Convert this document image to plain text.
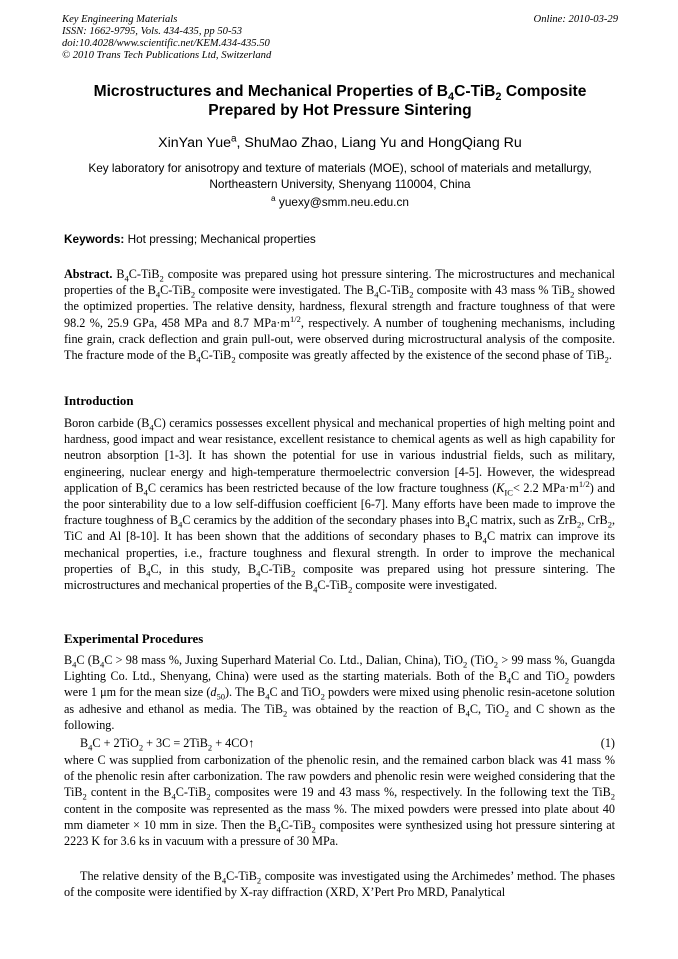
Key Engineering Materials
ISSN: 1662-9795, Vols. 434-435, pp 50-53
doi:10.4028/www.scientific.net/KEM.434-435.50
© 2010 Trans Tech Publications Ltd, Switzerland
Online: 2010-03-29
Microstructures and Mechanical Properties of $B_4C-TiB_2$ Composite
Prepared by Hot Pressure Sintering
XinYan Yue$^a$, ShuMao Zhao, Liang Yu and HongQiang Ru
Key laboratory for anisotropy and texture of materials (MOE), school of materials and metallurgy,
Northeastern University, Shenyang 110004, China
$^a$ yuexy@smm.neu.edu.cn
Keywords: Hot pressing; Mechanical properties
Abstract. $B_4C-TiB_2$ composite was prepared using hot pressure sintering. The microstructures and mechanical properties of the $B_4C-TiB_2$ composite were investigated. The $B_4C-TiB_2$ composite with 43 mass % TiB$_2$ showed the optimized properties. The relative density, hardness, flexural strength and fracture toughness of that were 98.2 %, 25.9 GPa, 458 MPa and 8.7 $MPa\cdot m^{1/2}$, respectively. A number of toughening mechanisms, including fine grain, crack deflection and grain pull-out, were observed during microstructural analysis of the composite. The fracture mode of the $B_4C-TiB_2$ composite was greatly affected by the existence of the second phase of TiB$_2$.
Introduction
Boron carbide $(B_4C)$ ceramics possesses excellent physical and mechanical properties of high melting point and hardness, good impact and wear resistance, excellent resistance to chemical agents as well as high capability for neutron absorption [1-3]. It has shown the potential for use in various industrial fields, such as military, engineering, nuclear energy and high-temperature thermoelectric conversion [4-5]. However, the widespread application of $B_4C$ ceramics has been restricted because of the low fracture toughness ($K_{IC}< 2.2$ $MPa\cdot m^{1/2}$) and the poor sinterability due to a low self-diffusion coefficient [6-7]. Many efforts have been made to improve the fracture toughness of $B_4C$ ceramics by the addition of the secondary phases into $B_4C$ matrix, such as ZrB$_2$, CrB$_2$, TiC and Al [8-10]. It has been shown that the additions of secondary phases to $B_4C$ matrix can improve its mechanical properties, i.e., fracture toughness and flexural strength. In order to improve the mechanical properties of $B_4C$, in this study, $B_4C-TiB_2$ composite was prepared using hot pressure sintering. The microstructures and mechanical properties of the $B_4C-TiB_2$ composite were investigated.
Experimental Procedures
$B_4C$ ($B_4C > 98$ mass %, Juxing Superhard Material Co. Ltd., Dalian, China), TiO$_2$ (TiO$_2$ > 99 mass %, Guangda Lighting Co. Ltd., Shenyang, China) were used as the starting materials. Both of the $B_4C$ and TiO$_2$ powders were 1 μm for the mean size $(d_{50})$. The $B_4C$ and TiO$_2$ powders were mixed using phenolic resin-acetone solution as adhesive and ethanol as media. The TiB$_2$ was obtained by the reaction of $B_4C$, TiO$_2$ and C shown as the following.
$B_4C + 2TiO_2 + 3C = 2TiB_2$ + 4CO↑	(1)
where C was supplied from carbonization of the phenolic resin, and the remained carbon black was 41 mass % of the phenolic resin after carbonization. The raw powders and phenolic resin were weighed considering that the TiB$_2$ content in the $B_4C-TiB_2$ composites were 19 and 43 mass %, respectively. In the following text the TiB$_2$ content in the composite was represented as the mass %. The mixed powders were pressed into plate about 40 mm diameter × 10 mm in size. Then the $B_4C-TiB_2$ composites were synthesized using hot pressure sintering at 2223 K for 3.6 ks in vacuum with a pressure of 30 MPa.
The relative density of the $B_4C-TiB_2$ composite was investigated using the Archimedes’ method. The phases of the composite were identified by X-ray diffraction (XRD, X’Pert Pro MRD, Panalytical
